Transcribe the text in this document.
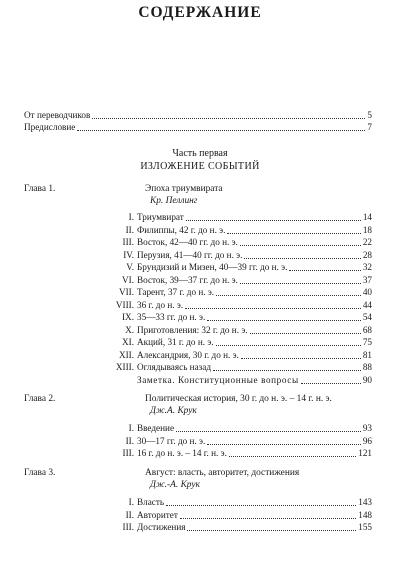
СОДЕРЖАНИЕ
От переводчиков	5
Предисловие	7
Часть первая
ИЗЛОЖЕНИЕ СОБЫТИЙ
Глава 1.	Эпоха триумвирата
Кр. Пеллинг
I. Триумвират	14
II. Филиппы, 42 г. до н. э.	18
III. Восток, 42—40 гг. до н. э.	22
IV. Перузия, 41—40 гг. до н. э.	28
V. Брундизий и Мизен, 40—39 гг. до н. э.	32
VI. Восток, 39—37 гг. до н. э.	37
VII. Тарент, 37 г. до н. э.	40
VIII. 36 г. до н. э.	44
IX. 35—33 гг. до н. э.	54
X. Приготовления: 32 г. до н. э.	68
XI. Акций, 31 г. до н. э.	75
XII. Александрия, 30 г. до н. э.	81
XIII. Оглядываясь назад	88
Заметка. Конституционные вопросы	90
Глава 2.	Политическая история, 30 г. до н. э. – 14 г. н. э.
Дж.А. Крук
I. Введение	93
II. 30—17 гг. до н. э.	96
III. 16 г. до н. э. – 14 г. н. э.	121
Глава 3.	Август: власть, авторитет, достижения
Дж.-А. Крук
I. Власть	143
II. Авторитет	148
III. Достижения	155
